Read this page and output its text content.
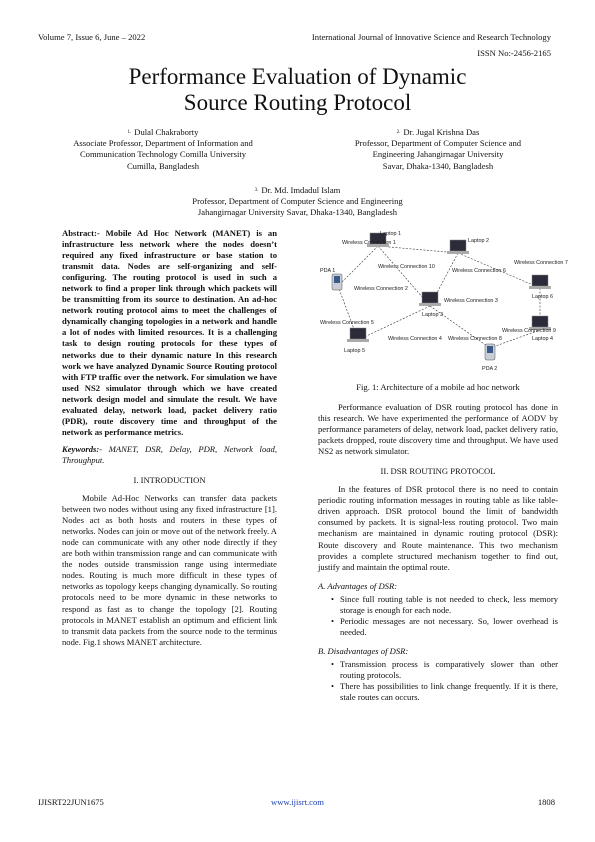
Volume 7, Issue 6, June – 2022	International Journal of Innovative Science and Research Technology
ISSN No:-2456-2165
Performance Evaluation of Dynamic
Source Routing Protocol
$^{1.}$ Dulal Chakraborty
Associate Professor, Department of Information and
Communication Technology Comilla University
Cumilla, Bangladesh
$^{2.}$ Dr. Jugal Krishna Das
Professor, Department of Computer Science and
Engineering Jahangirnagar University
Savar, Dhaka-1340, Bangladesh
$^{3.}$ Dr. Md. Imdadul Islam
Professor, Department of Computer Science and Engineering
Jahangirnagar University Savar, Dhaka-1340, Bangladesh
Abstract:- Mobile Ad Hoc Network (MANET) is an infrastructure less network where the nodes doesn’t required any fixed infrastructure or base station to transmit data. Nodes are self-organizing and self-configuring. The routing protocol is used in such a network to find a proper link through which packets will be transmitting from its source to destination. An ad-hoc network routing protocol aims to meet the challenges of dynamically changing topologies in a network and handle a lot of nodes with limited resources. It is a challenging task to design routing protocols for these types of networks due to their dynamic nature In this research work we have analyzed Dynamic Source Routing protocol with FTP traffic over the network. For simulation we have used NS2 simulator through which we have created network design model and simulate the result. We have evaluated delay, network load, packet delivery ratio (PDR), route discovery time and throughput of the network as performance metrics.
Keywords:- MANET, DSR, Delay, PDR, Network load, Throughput.
I. INTRODUCTION

Mobile Ad-Hoc Networks can transfer data packets between two nodes without using any fixed infrastructure [1]. Nodes act as both hosts and routers in these types of networks. Nodes can join or move out of the network freely. A node can communicate with any other node directly if they are both within transmission range and can communicate with the nodes outside transmission range using intermediate nodes. Routing is much more difficult in these types of networks as topology keeps changing dynamically. So routing protocols need to be more dynamic in these networks to respond as fast as to change the topology [2]. Routing protocols in MANET establish an optimum and efficient link to transmit data packets from the source node to the terminus node. Fig.1 shows MANET architecture.

Laptop 1
Laptop 2
Laptop 3
Laptop 4
Laptop 5
Laptop 6
PDA 1
PDA 2
Wireless Connection 1
Wireless Connection 2
Wireless Connection 3
Wireless Connection 4
Wireless Connection 5
Wireless Connection 6
Wireless Connection 7
Wireless Connection 8
Wireless Connection 9
Wireless Connection 10
Fig. 1: Architecture of a mobile ad hoc network

Performance evaluation of DSR routing protocol has done in this research. We have experimented the performance of AODV by performance parameters of delay, network load, packet delivery ratio, packets dropped, route discovery time and throughput. We have used NS2 as network simulator.

II. DSR ROUTING PROTOCOL

In the features of DSR protocol there is no need to contain periodic routing information messages in routing table as like table-driven approach. DSR protocol bound the limit of bandwidth consumed by packets. It is signal-less routing protocol. Two main mechanism are maintained in dynamic routing protocol (DSR): Route discovery and Route maintenance. This two mechanism provides a complete structured mechanism together to find out, justify and maintain the optimal route.

A. Advantages of DSR:
• Since full routing table is not needed to check, less memory storage is enough for each node.
• Periodic messages are not necessary. So, lower overhead is needed.
B. Disadvantages of DSR:
• Transmission process is comparatively slower than other routing protocols.
• There has possibilities to link change frequently. If it is there, stale routes can occurs.
IJISRT22JUN1675	www.ijisrt.com	1808
